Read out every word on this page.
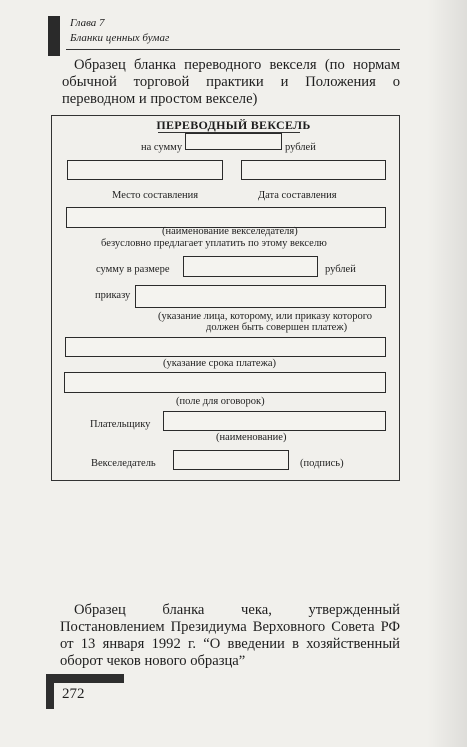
Глава 7
Бланки ценных бумаг
Образец бланка переводного векселя (по нормам обычной торговой практики и Положения о переводном и простом векселе)
ПЕРЕВОДНЫЙ ВЕКСЕЛЬ
на сумму	рублей
Место составления	Дата составления
(наименование векселедателя)
безусловно предлагает уплатить по этому векселю
сумму в размере	рублей
приказу
(указание лица, которому, или приказу которого
должен быть совершен платеж)
(указание срока платежа)
(поле для оговорок)
Плательщику
(наименование)
Векселедатель	(подпись)
Образец бланка чека, утвержденный Постановлением Президиума Верховного Совета РФ от 13 января 1992 г. “О введении в хозяйственный оборот чеков нового образца”
272
